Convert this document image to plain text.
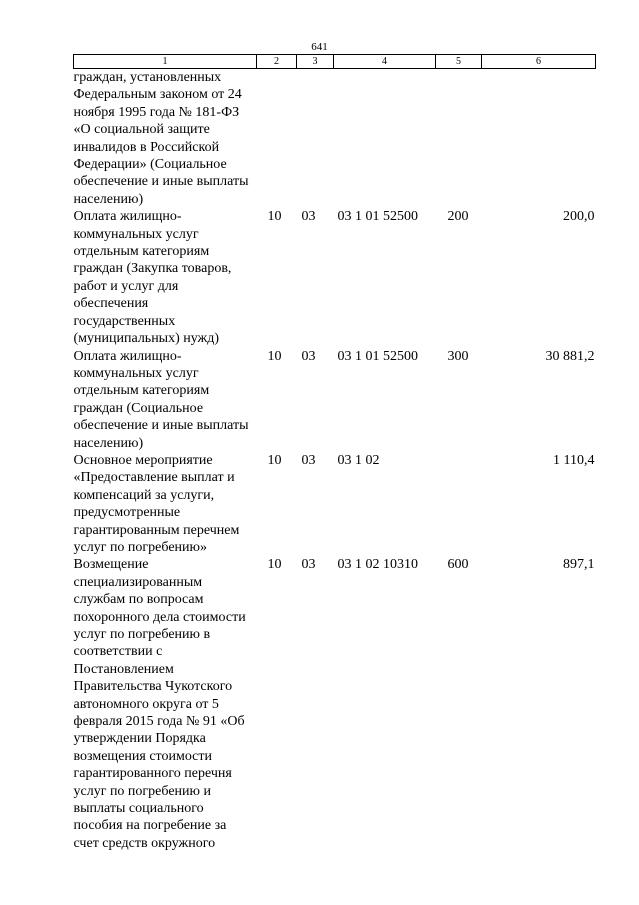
641
1	2	3	4	5	6
граждан, установленных Федеральным законом от 24 ноября 1995 года № 181-ФЗ «О социальной защите инвалидов в Российской Федерации» (Социальное обеспечение и иные выплаты населению)					
Оплата жилищно-коммунальных услуг отдельным категориям граждан (Закупка товаров, работ и услуг для обеспечения государственных (муниципальных) нужд)	10	03	03 1 01 52500	200	200,0
Оплата жилищно-коммунальных услуг отдельным категориям граждан (Социальное обеспечение и иные выплаты населению)	10	03	03 1 01 52500	300	30 881,2
Основное мероприятие «Предоставление выплат и компенсаций за услуги, предусмотренные гарантированным перечнем услуг по погребению»	10	03	03 1 02		1 110,4
Возмещение специализированным службам по вопросам похоронного дела стоимости услуг по погребению в соответствии с Постановлением Правительства Чукотского автономного округа от 5 февраля 2015 года № 91 «Об утверждении Порядка возмещения стоимости гарантированного перечня услуг по погребению и выплаты социального пособия на погребение за счет средств окружного	10	03	03 1 02 10310	600	897,1
